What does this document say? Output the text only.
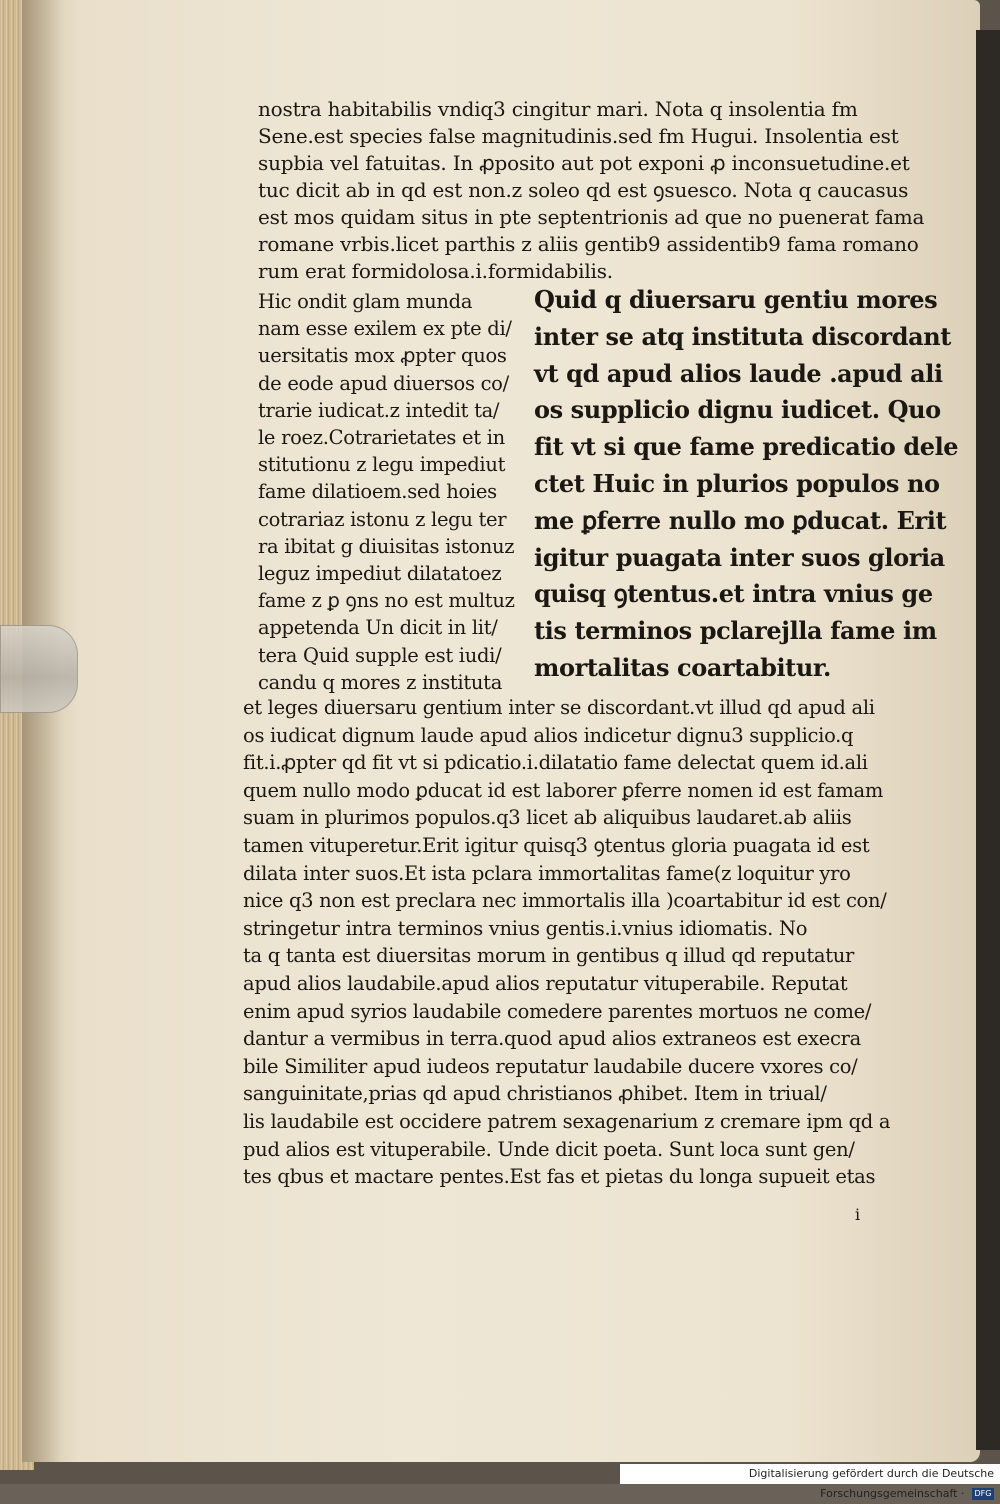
nostra habitabilis vndiq3 cingitur mari. Nota q insolentia fm
Sene.est species false magnitudinis.sed fm Hugui. Insolentia est
supbia vel fatuitas. In ꝓposito aut pot exponi ꝓ inconsuetudine.et
tuc dicit ab in qd est non.z soleo qd est ꝯsuesco. Nota q caucasus
est mos quidam situs in pte septentrionis ad que no puenerat fama
romane vrbis.licet parthis z aliis gentib9 assidentib9 fama romano
rum erat formidolosa.i.formidabilis.
Hic ondit glam munda
nam esse exilem ex pte di/
uersitatis mox ꝓpter quos
de eode apud diuersos co/
trarie iudicat.z intedit ta/
le roez.Cotrarietates et in
stitutionu z legu impediut
fame dilatioem.sed hoies
cotrariaz istonu z legu ter
ra ibitat g diuisitas istonuz
leguz impediut dilatatoez
fame z ꝑ ꝯns no est multuz
appetenda Un dicit in lit/
tera Quid supple est iudi/
candu q mores z instituta
Quid q diuersaru gentiu mores
inter se atq instituta discordant
vt qd apud alios laude .apud ali
os supplicio dignu iudicet. Quo
fit vt si que fame predicatio dele
ctet Huic in plurios populos no
me ꝑferre nullo mo ꝑducat. Erit
igitur puagata inter suos gloria
quisq ꝯtentus.et intra vnius ge
tis terminos pclarejlla fame im
mortalitas coartabitur.
et leges diuersaru gentium inter se discordant.vt illud qd apud ali
os iudicat dignum laude apud alios indicetur dignu3 supplicio.q
fit.i.ꝓpter qd fit vt si pdicatio.i.dilatatio fame delectat quem id.ali
quem nullo modo ꝑducat id est laborer ꝑferre nomen id est famam
suam in plurimos populos.q3 licet ab aliquibus laudaret.ab aliis
tamen vituperetur.Erit igitur quisq3 ꝯtentus gloria puagata id est
dilata inter suos.Et ista pclara immortalitas fame(z loquitur yro
nice q3 non est preclara nec immortalis illa )coartabitur id est con/
stringetur intra terminos vnius gentis.i.vnius idiomatis. No
ta q tanta est diuersitas morum in gentibus q illud qd reputatur
apud alios laudabile.apud alios reputatur vituperabile. Reputat
enim apud syrios laudabile comedere parentes mortuos ne come/
dantur a vermibus in terra.quod apud alios extraneos est execra
bile Similiter apud iudeos reputatur laudabile ducere vxores co/
sanguinitate,prias qd apud christianos ꝓhibet. Item in triual/
lis laudabile est occidere patrem sexagenarium z cremare ipm qd a
pud alios est vituperabile. Unde dicit poeta. Sunt loca sunt gen/
tes qbus et mactare pentes.Est fas et pietas du longa supueit etas
i
Digitalisierung gefördert durch die Deutsche Forschungsgemeinschaft · DFG
